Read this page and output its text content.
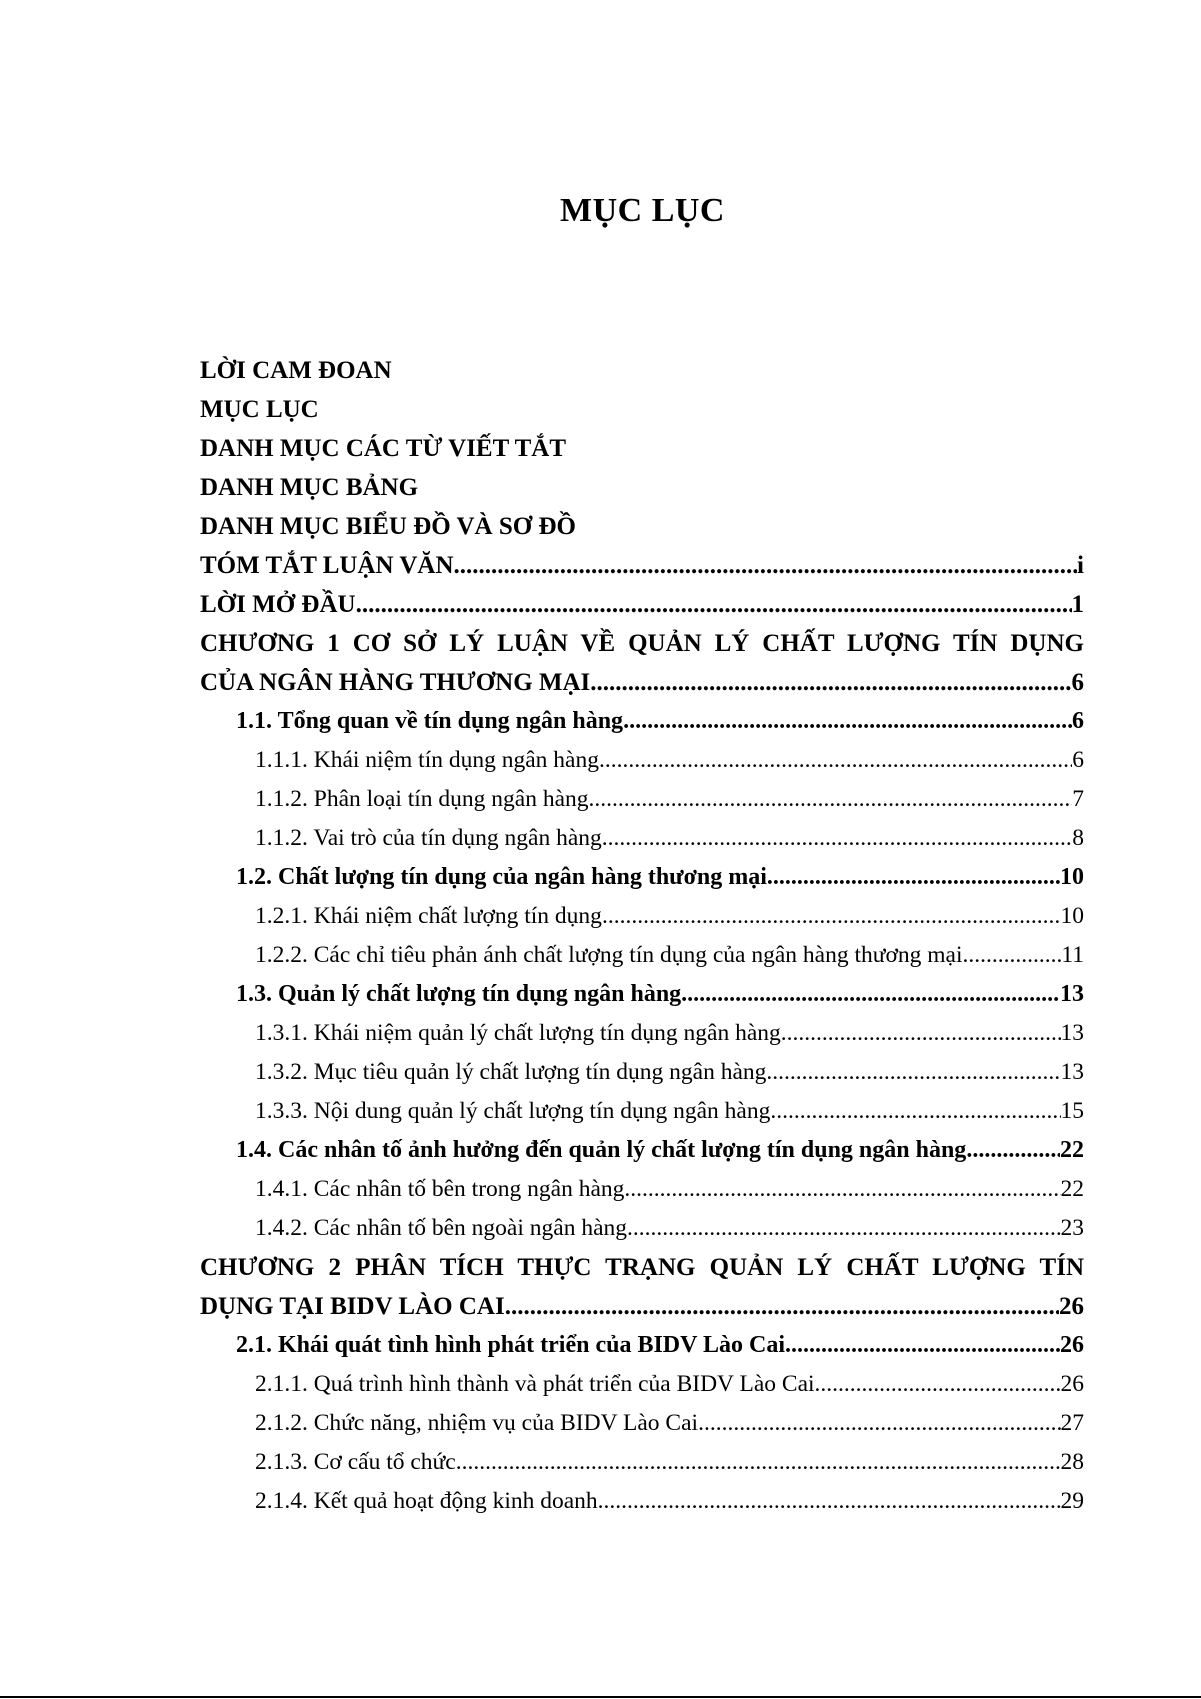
MỤC LỤC
LỜI CAM ĐOAN
MỤC LỤC
DANH MỤC CÁC TỪ VIẾT TẮT
DANH MỤC BẢNG
DANH MỤC BIỂU ĐỒ VÀ SƠ ĐỒ
TÓM TẮT LUẬN VĂN .....	i
LỜI MỞ ĐẦU .....	1
CHƯƠNG 1 CƠ SỞ LÝ LUẬN VỀ QUẢN LÝ CHẤT LƯỢNG TÍN DỤNG
CỦA NGÂN HÀNG THƯƠNG MẠI .....	6
1.1. Tổng quan về tín dụng ngân hàng .....	6
1.1.1. Khái niệm tín dụng ngân hàng .....	6
1.1.2. Phân loại tín dụng ngân hàng .....	7
1.1.2. Vai trò của tín dụng ngân hàng .....	8
1.2. Chất lượng tín dụng của ngân hàng thương mại .....	10
1.2.1. Khái niệm chất lượng tín dụng .....	10
1.2.2. Các chỉ tiêu phản ánh chất lượng tín dụng của ngân hàng thương mại .....	11
1.3. Quản lý chất lượng tín dụng ngân hàng .....	13
1.3.1. Khái niệm quản lý chất lượng tín dụng ngân hàng .....	13
1.3.2. Mục tiêu quản lý chất lượng tín dụng ngân hàng .....	13
1.3.3. Nội dung quản lý chất lượng tín dụng ngân hàng .....	15
1.4. Các nhân tố ảnh hưởng đến quản lý chất lượng tín dụng ngân hàng .....	22
1.4.1. Các nhân tố bên trong ngân hàng .....	22
1.4.2. Các nhân tố bên ngoài ngân hàng .....	23
CHƯƠNG 2 PHÂN TÍCH THỰC TRẠNG QUẢN LÝ CHẤT LƯỢNG TÍN
DỤNG TẠI BIDV LÀO CAI .....	26
2.1. Khái quát tình hình phát triển của BIDV Lào Cai .....	26
2.1.1. Quá trình hình thành và phát triển của BIDV Lào Cai .....	26
2.1.2. Chức năng, nhiệm vụ của BIDV Lào Cai .....	27
2.1.3. Cơ cấu tổ chức .....	28
2.1.4. Kết quả hoạt động kinh doanh .....	29
